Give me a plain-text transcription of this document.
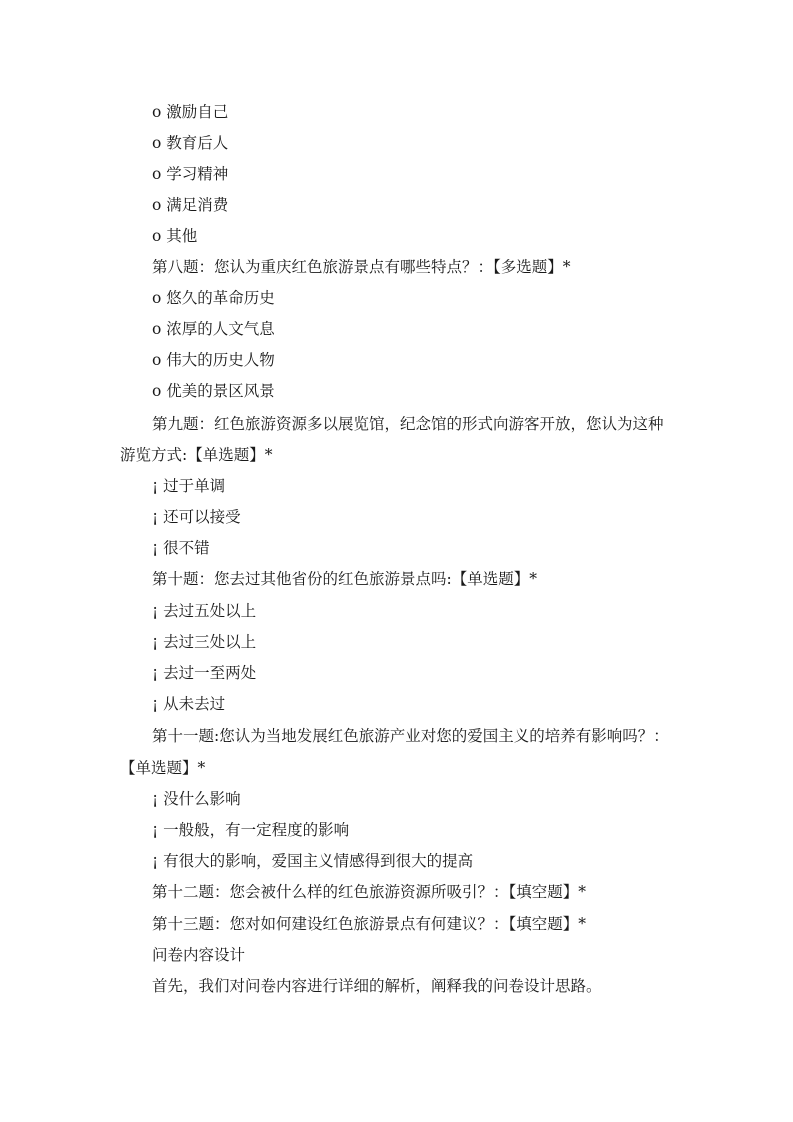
o 激励自己
o 教育后人
o 学习精神
o 满足消费
o 其他
第八题：您认为重庆红色旅游景点有哪些特点？：【多选题】*
o 悠久的革命历史
o 浓厚的人文气息
o 伟大的历史人物
o 优美的景区风景
第九题：红色旅游资源多以展览馆，纪念馆的形式向游客开放，您认为这种
游览方式:【单选题】*
¡ 过于单调
¡ 还可以接受
¡ 很不错
第十题：您去过其他省份的红色旅游景点吗:【单选题】*
¡ 去过五处以上
¡ 去过三处以上
¡ 去过一至两处
¡ 从未去过
第十一题:您认为当地发展红色旅游产业对您的爱国主义的培养有影响吗？：
【单选题】*
¡ 没什么影响
¡ 一般般，有一定程度的影响
¡ 有很大的影响，爱国主义情感得到很大的提高
第十二题：您会被什么样的红色旅游资源所吸引？：【填空题】*
第十三题：您对如何建设红色旅游景点有何建议？：【填空题】*
问卷内容设计
首先，我们对问卷内容进行详细的解析，阐释我的问卷设计思路。
